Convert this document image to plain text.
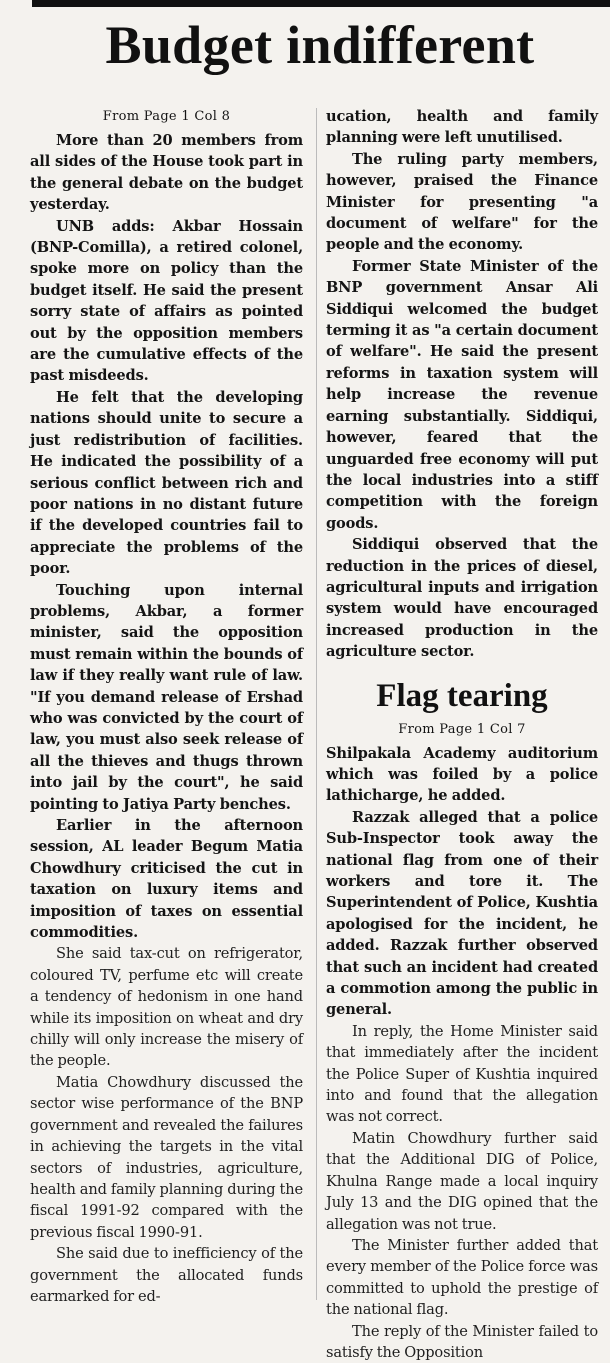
Budget indifferent
From Page 1 Col 8

More than 20 members from all sides of the House took part in the general debate on the budget yesterday.

UNB adds: Akbar Hossain (BNP-Comilla), a retired colonel, spoke more on policy than the budget itself. He said the present sorry state of affairs as pointed out by the opposition members are the cumulative effects of the past misdeeds.

He felt that the developing nations should unite to secure a just redistribution of facilities. He indicated the possibility of a serious conflict between rich and poor nations in no distant future if the developed countries fail to appreciate the problems of the poor.

Touching upon internal problems, Akbar, a former minister, said the opposition must remain within the bounds of law if they really want rule of law. "If you demand release of Ershad who was convicted by the court of law, you must also seek release of all the thieves and thugs thrown into jail by the court", he said pointing to Jatiya Party benches.

Earlier in the afternoon session, AL leader Begum Matia Chowdhury criticised the cut in taxation on luxury items and imposition of taxes on essential commodities.

She said tax-cut on refrigerator, coloured TV, perfume etc will create a tendency of hedonism in one hand while its imposition on wheat and dry chilly will only increase the misery of the people.

Matia Chowdhury discussed the sector wise performance of the BNP government and revealed the failures in achieving the targets in the vital sectors of industries, agriculture, health and family planning during the fiscal 1991-92 compared with the previous fiscal 1990-91.

She said due to inefficiency of the government the allocated funds earmarked for ed-

ucation, health and family planning were left unutilised.

The ruling party members, however, praised the Finance Minister for presenting "a document of welfare" for the people and the economy.

Former State Minister of the BNP government Ansar Ali Siddiqui welcomed the budget terming it as "a certain document of welfare". He said the present reforms in taxation system will help increase the revenue earning substantially. Siddiqui, however, feared that the unguarded free economy will put the local industries into a stiff competition with the foreign goods.

Siddiqui observed that the reduction in the prices of diesel, agricultural inputs and irrigation system would have encouraged increased production in the agriculture sector.

Flag tearing
From Page 1 Col 7

Shilpakala Academy auditorium which was foiled by a police lathicharge, he added.

Razzak alleged that a police Sub-Inspector took away the national flag from one of their workers and tore it. The Superintendent of Police, Kushtia apologised for the incident, he added. Razzak further observed that such an incident had created a commotion among the public in general.

In reply, the Home Minister said that immediately after the incident the Police Super of Kushtia inquired into and found that the allegation was not correct.

Matin Chowdhury further said that the Additional DIG of Police, Khulna Range made a local inquiry July 13 and the DIG opined that the allegation was not true.

The Minister further added that every member of the Police force was committed to uphold the prestige of the national flag.

The reply of the Minister failed to satisfy the Opposition
